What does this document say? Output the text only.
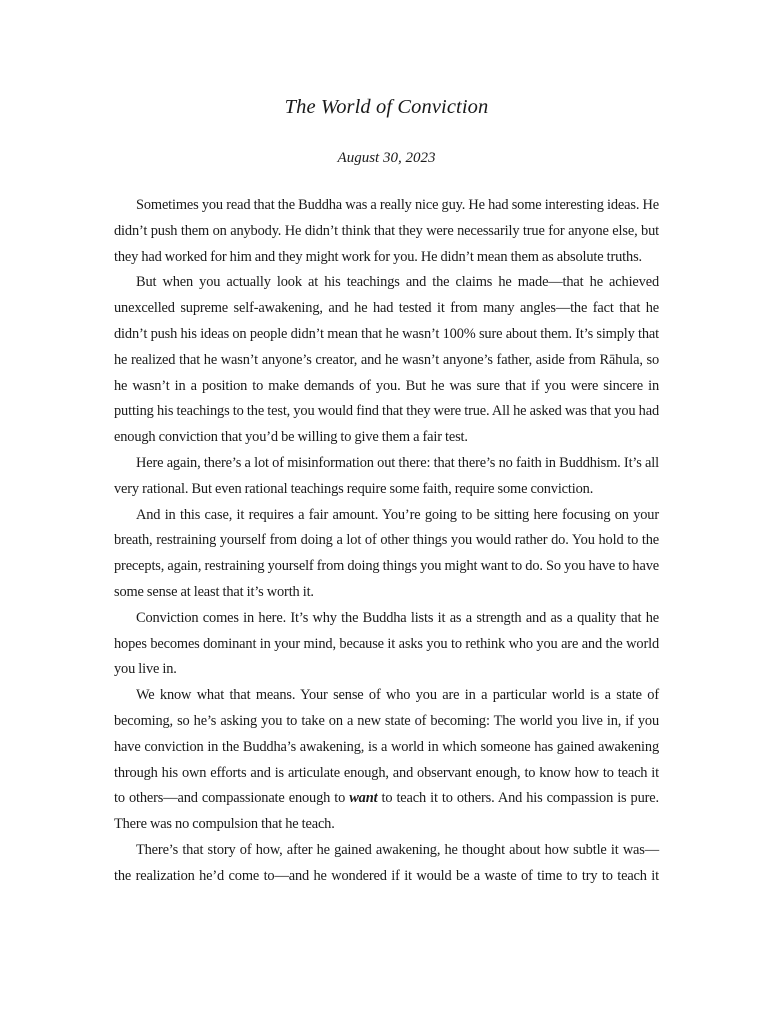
The World of Conviction
August 30, 2023

Sometimes you read that the Buddha was a really nice guy. He had some interesting ideas. He didn’t push them on anybody. He didn’t think that they were necessarily true for anyone else, but they had worked for him and they might work for you. He didn’t mean them as absolute truths.

But when you actually look at his teachings and the claims he made—that he achieved unexcelled supreme self-awakening, and he had tested it from many angles—the fact that he didn’t push his ideas on people didn’t mean that he wasn’t 100% sure about them. It’s simply that he realized that he wasn’t anyone’s creator, and he wasn’t anyone’s father, aside from Rāhula, so he wasn’t in a position to make demands of you. But he was sure that if you were sincere in putting his teachings to the test, you would find that they were true. All he asked was that you had enough conviction that you’d be willing to give them a fair test.

Here again, there’s a lot of misinformation out there: that there’s no faith in Buddhism. It’s all very rational. But even rational teachings require some faith, require some conviction.

And in this case, it requires a fair amount. You’re going to be sitting here focusing on your breath, restraining yourself from doing a lot of other things you would rather do. You hold to the precepts, again, restraining yourself from doing things you might want to do. So you have to have some sense at least that it’s worth it.

Conviction comes in here. It’s why the Buddha lists it as a strength and as a quality that he hopes becomes dominant in your mind, because it asks you to rethink who you are and the world you live in.

We know what that means. Your sense of who you are in a particular world is a state of becoming, so he’s asking you to take on a new state of becoming: The world you live in, if you have conviction in the Buddha’s awakening, is a world in which someone has gained awakening through his own efforts and is articulate enough, and observant enough, to know how to teach it to others—and compassionate enough to want to teach it to others. And his compassion is pure. There was no compulsion that he teach.

There’s that story of how, after he gained awakening, he thought about how subtle it was—the realization he’d come to—and he wondered if it would be a waste of time to try to teach it
